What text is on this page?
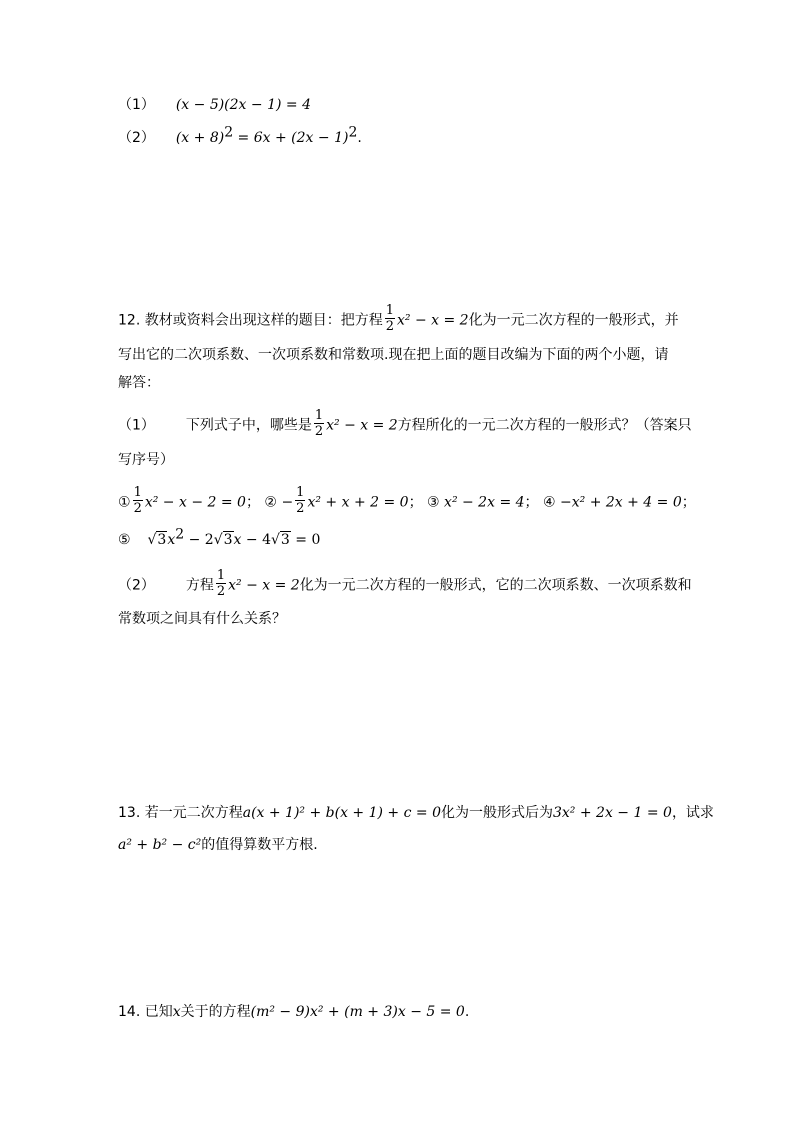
（1） (x − 5)(2x − 1) = 4
（2） $(x + 8)^2 = 6x + (2x - 1)^2$.
12. 教材或资料会出现这样的题目：把方程 $\frac{1}{2} x^2 - x = 2$化为一元二次方程的一般形式，并
写出它的二次项系数、一次项系数和常数项.现在把上面的题目改编为下面的两个小题，请
解答：
（1） 下列式子中，哪些是 $\frac{1}{2} x^2 - x = 2$方程所化的一元二次方程的一般形式？（答案只
写序号）
① $\frac{1}{2} x^2 - x - 2 = 0$； ② − $\frac{1}{2} x^2 + x + 2 = 0$； ③ x² − 2x = 4； ④ −x² + 2x + 4 = 0；
⑤ $√3x^2 - 2√3x - 4√3 = 0$
（2） 方程 $\frac{1}{2} x^2 - x = 2$化为一元二次方程的一般形式，它的二次项系数、一次项系数和
常数项之间具有什么关系？
13. 若一元二次方程a(x + 1)² + b(x + 1) + c = 0化为一般形式后为3x² + 2x − 1 = 0，试求
a² + b² − c²的值得算数平方根.
14. 已知x关于的方程(m² − 9)x² + (m + 3)x − 5 = 0.
